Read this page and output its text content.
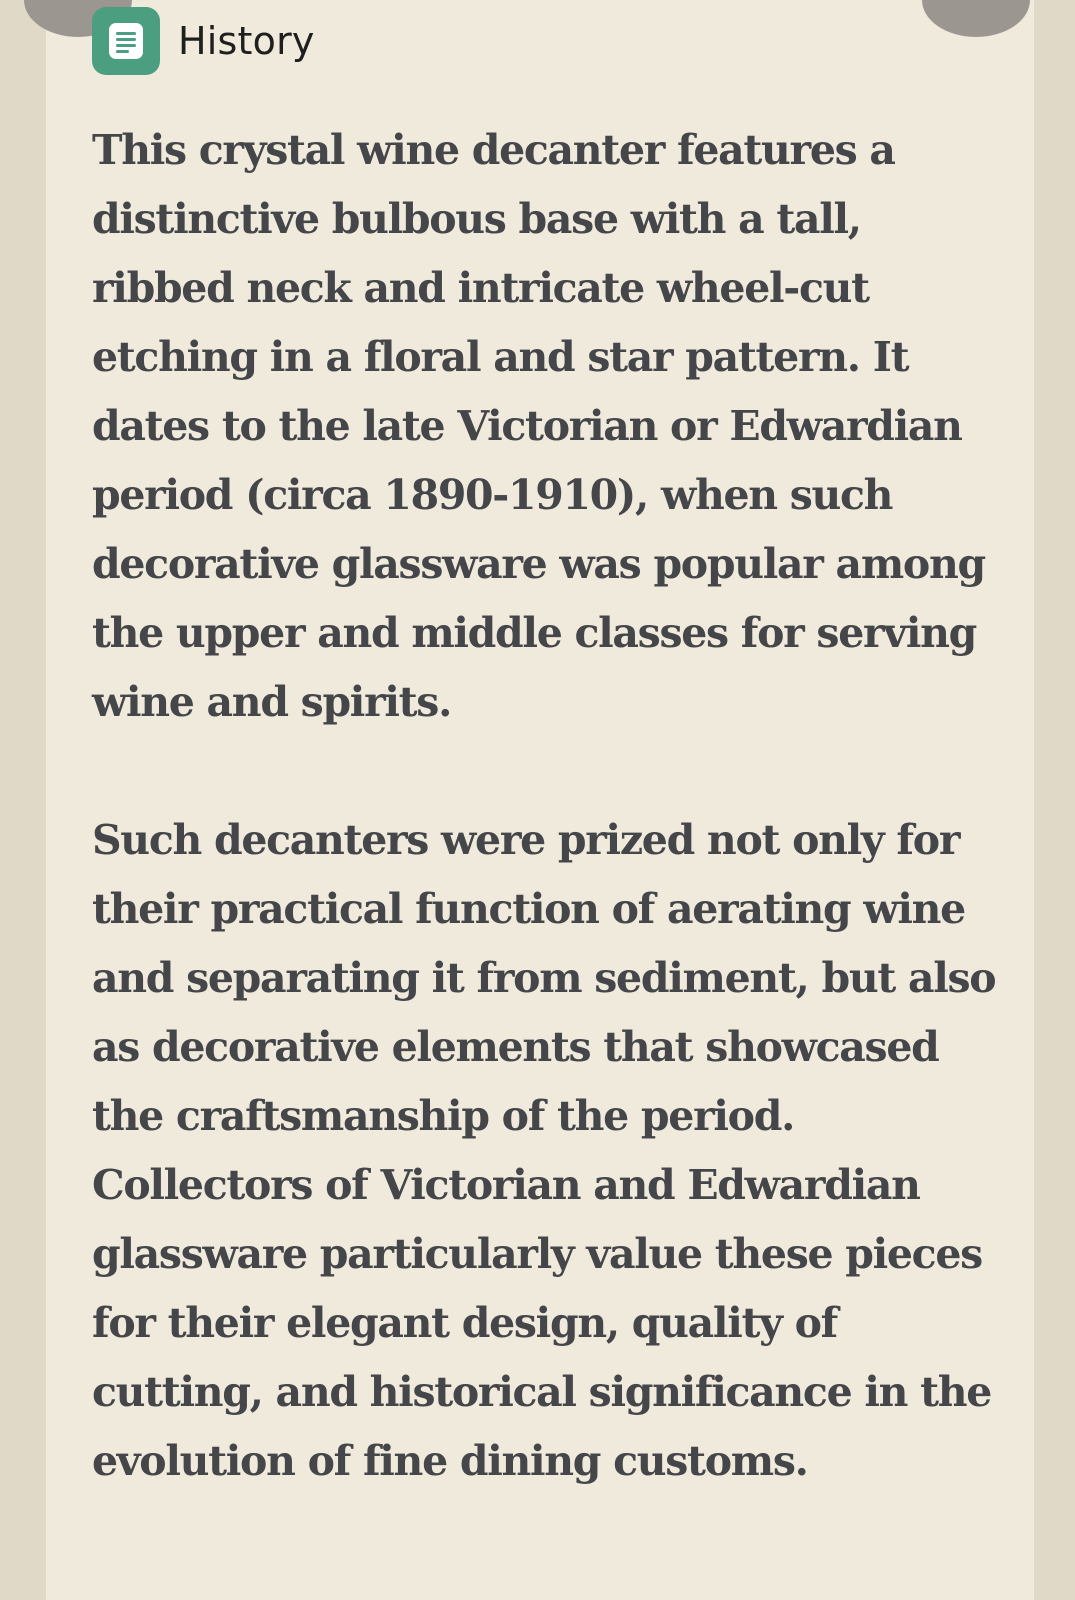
History

This crystal wine decanter features a distinctive bulbous base with a tall, ribbed neck and intricate wheel-cut etching in a floral and star pattern. It dates to the late Victorian or Edwardian period (circa 1890-1910), when such decorative glassware was popular among the upper and middle classes for serving wine and spirits.

Such decanters were prized not only for their practical function of aerating wine and separating it from sediment, but also as decorative elements that showcased the craftsmanship of the period. Collectors of Victorian and Edwardian glassware particularly value these pieces for their elegant design, quality of cutting, and historical significance in the evolution of fine dining customs.
